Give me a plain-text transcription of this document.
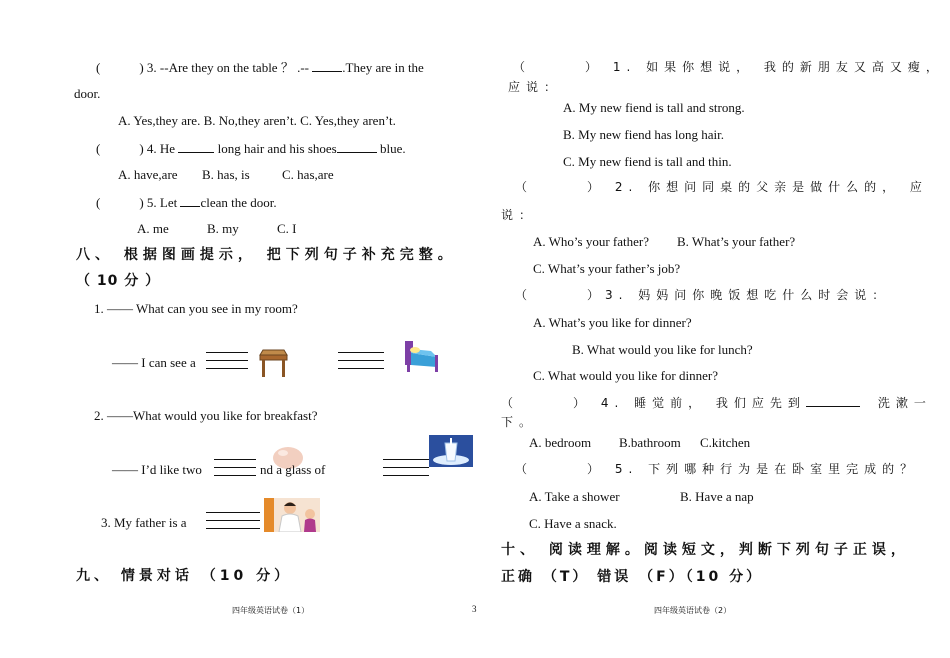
(　　　) 3. --Are they on the table ？ .-- .They are in the
door.
A. Yes,they are. B. No,they aren’t. C. Yes,they aren’t.
(　　　) 4. He	long hair and his shoes	blue.
A. have,are B. has, is C. has,are
(　　　) 5. Let clean the door.
A. me	B. my	C. I
八、 根据图画提示， 把下列句子补充完整。
（ 10 分 ）
1. —— What can you see in my room?
—— I can see a
2. ——What would you like for breakfast?
—— I’d like two	nd a glass of
3. My father is a
九、 情景对话 （10 分）
四年级英语试卷（1）	3
（　　　） 1. 如果你想说， 我的新朋友又高又瘦，
应说：
A. My new fiend is tall and strong.
B. My new fiend has long hair.
C. My new fiend is tall and thin.
（　　　） 2. 你想问同桌的父亲是做什么的， 应
说：
A. Who’s your father? B. What’s your father?
C. What’s your father’s job?
（　　　）3. 妈妈问你晚饭想吃什么时会说：
A. What’s you like for dinner?
B. What would you like for lunch?
C. What would you like for dinner?
（　　　） 4. 睡觉前， 我们应先到　	洗漱一
下。
A. bedroom B.bathroom C.kitchen
（　　　） 5. 下列哪种行为是在卧室里完成的？
A. Take a shower	B. Have a nap
C. Have a snack.
十、 阅读理解。阅读短文，判断下列句子正误，
正确 （T） 错误 （F）（10 分）
四年级英语试卷（2）
